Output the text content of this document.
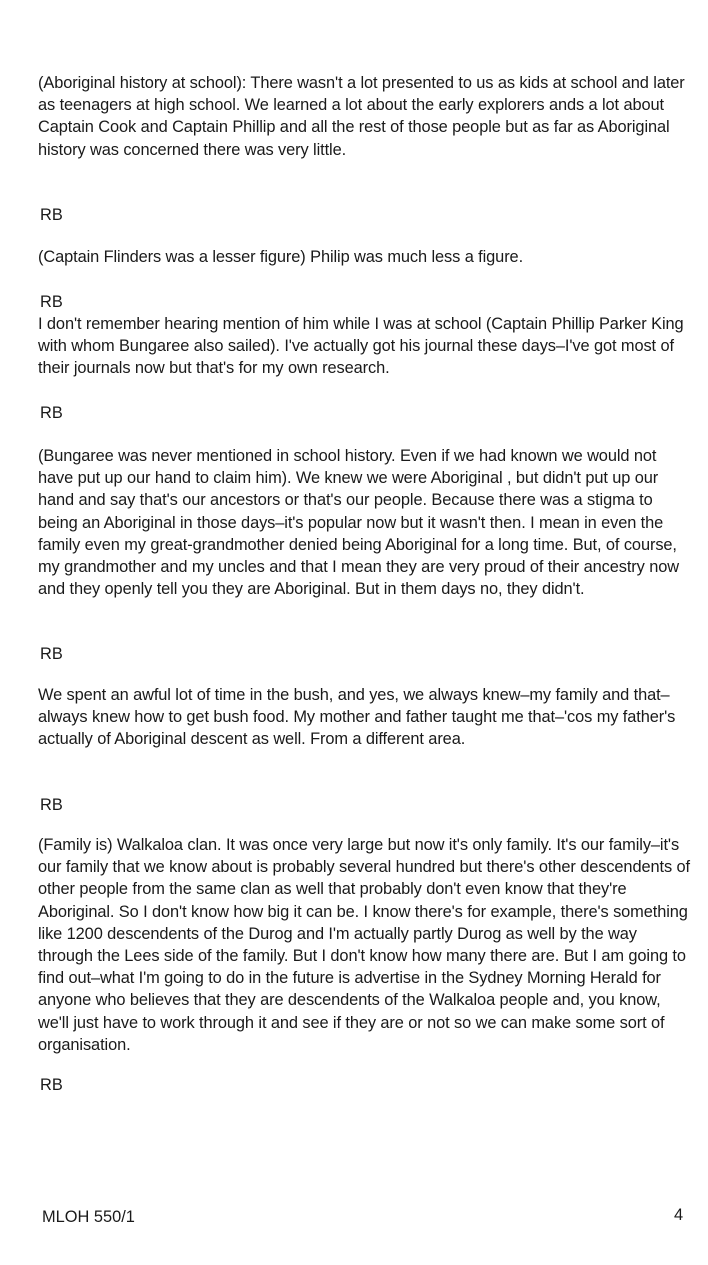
(Aboriginal history at school): There wasn't a lot presented to us as kids at school and later as teenagers at high school. We learned a lot about the early explorers ands a lot about Captain Cook and Captain Phillip and all the rest of those people but as far as Aboriginal history was concerned there was very little.

RB

(Captain Flinders was a lesser figure) Philip was much less a figure.

RB

I don't remember hearing mention of him while I was at school (Captain Phillip Parker King with whom Bungaree also sailed). I've actually got his journal these days–I've got most of their journals now but that's for my own research.

RB

(Bungaree was never mentioned in school history. Even if we had known we would not have put up our hand to claim him). We knew we were Aboriginal , but didn't put up our hand and say that's our ancestors or that's our people. Because there was a stigma to being an Aboriginal in those days–it's popular now but it wasn't then. I mean in even the family even my great-grandmother denied being Aboriginal for a long time. But, of course, my grandmother and my uncles and that I mean they are very proud of their ancestry now and they openly tell you they are Aboriginal. But in them days no, they didn't.

RB

We spent an awful lot of time in the bush, and yes, we always knew–my family and that–always knew how to get bush food. My mother and father taught me that–'cos my father's actually of Aboriginal descent as well. From a different area.

RB

(Family is) Walkaloa clan. It was once very large but now it's only family. It's our family–it's our family that we know about is probably several hundred but there's other descendents of other people from the same clan as well that probably don't even know that they're Aboriginal. So I don't know how big it can be. I know there's for example, there's something like 1200 descendents of the Durog and I'm actually partly Durog as well by the way through the Lees side of the family. But I don't know how many there are. But I am going to find out–what I'm going to do in the future is advertise in the Sydney Morning Herald for anyone who believes that they are descendents of the Walkaloa people and, you know, we'll just have to work through it and see if they are or not so we can make some sort of organisation.

RB

MLOH 550/1	4
